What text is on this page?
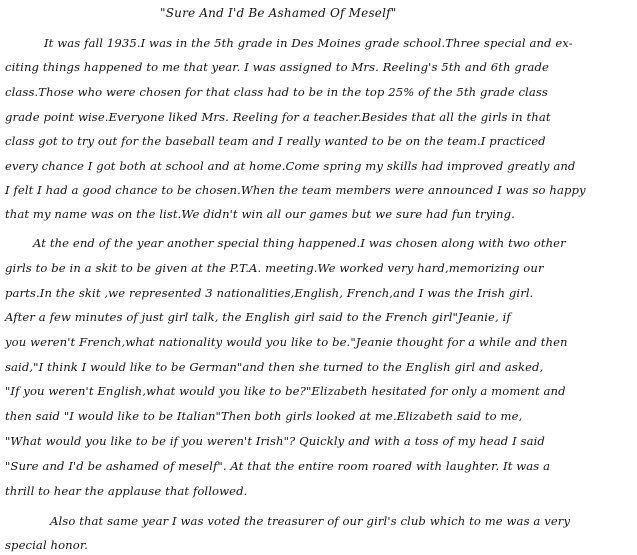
"Sure And I'd Be Ashamed Of Meself"
It was fall 1935.I was in the 5th grade in Des Moines grade school.Three special and ex-
citing things happened to me that year. I was assigned to Mrs. Reeling's 5th and 6th grade
class.Those who were chosen for that class had to be in the top 25% of the 5th grade class
grade point wise.Everyone liked Mrs. Reeling for a teacher.Besides that all the girls in that
class got to try out for the baseball team and I really wanted to be on the team.I practiced
every chance I got both at school and at home.Come spring my skills had improved greatly and
I felt I had a good chance to be chosen.When the team members were announced I was so happy
that my name was on the list.We didn't win all our games but we sure had fun trying.
At the end of the year another special thing happened.I was chosen along with two other
girls to be in a skit to be given at the P.T.A. meeting.We worked very hard,memorizing our
parts.In the skit ,we represented 3 nationalities,English, French,and I was the Irish girl.
After a few minutes of just girl talk, the English girl said to the French girl"Jeanie, if
you weren't French,what nationality would you like to be."Jeanie thought for a while and then
said,"I think I would like to be German"and then she turned to the English girl and asked,
"If you weren't English,what would you like to be?"Elizabeth hesitated for only a moment and
then said "I would like to be Italian"Then both girls looked at me.Elizabeth said to me,
"What would you like to be if you weren't Irish"? Quickly and with a toss of my head I said
"Sure and I'd be ashamed of meself". At that the entire room roared with laughter. It was a
thrill to hear the applause that followed.
Also that same year I was voted the treasurer of our girl's club which to me was a very
special honor.
